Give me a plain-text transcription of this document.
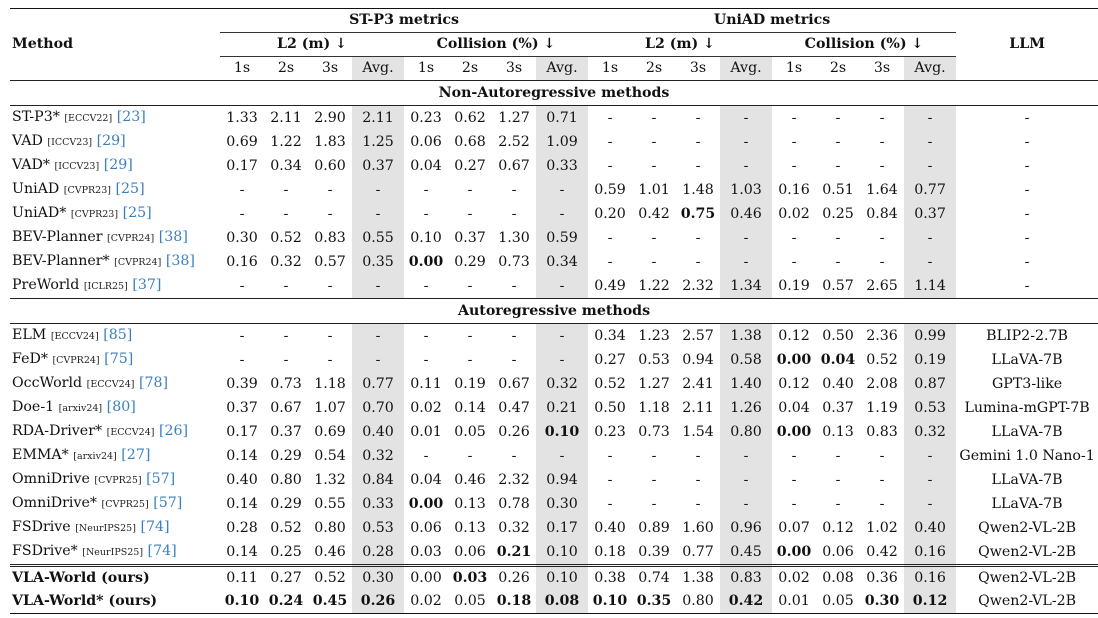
Method	ST-P3 metrics								UniAD metrics								LLM
	L2 (m) ↓				Collision (%) ↓				L2 (m) ↓				Collision (%) ↓				
	1s	2s	3s	Avg.	1s	2s	3s	Avg.	1s	2s	3s	Avg.	1s	2s	3s	Avg.	
Non-Autoregressive methods																	
ST-P3* [ECCV22] [23]	1.33	2.11	2.90	2.11	0.23	0.62	1.27	0.71	-	-	-	-	-	-	-	-	-
VAD [ICCV23] [29]	0.69	1.22	1.83	1.25	0.06	0.68	2.52	1.09	-	-	-	-	-	-	-	-	-
VAD* [ICCV23] [29]	0.17	0.34	0.60	0.37	0.04	0.27	0.67	0.33	-	-	-	-	-	-	-	-	-
UniAD [CVPR23] [25]	-	-	-	-	-	-	-	-	0.59	1.01	1.48	1.03	0.16	0.51	1.64	0.77	-
UniAD* [CVPR23] [25]	-	-	-	-	-	-	-	-	0.20	0.42	0.75	0.46	0.02	0.25	0.84	0.37	-
BEV-Planner [CVPR24] [38]	0.30	0.52	0.83	0.55	0.10	0.37	1.30	0.59	-	-	-	-	-	-	-	-	-
BEV-Planner* [CVPR24] [38]	0.16	0.32	0.57	0.35	0.00	0.29	0.73	0.34	-	-	-	-	-	-	-	-	-
PreWorld [ICLR25] [37]	-	-	-	-	-	-	-	-	0.49	1.22	2.32	1.34	0.19	0.57	2.65	1.14	-
Autoregressive methods																	
ELM [ECCV24] [85]	-	-	-	-	-	-	-	-	0.34	1.23	2.57	1.38	0.12	0.50	2.36	0.99	BLIP2-2.7B
FeD* [CVPR24] [75]	-	-	-	-	-	-	-	-	0.27	0.53	0.94	0.58	0.00	0.04	0.52	0.19	LLaVA-7B
OccWorld [ECCV24] [78]	0.39	0.73	1.18	0.77	0.11	0.19	0.67	0.32	0.52	1.27	2.41	1.40	0.12	0.40	2.08	0.87	GPT3-like
Doe-1 [arxiv24] [80]	0.37	0.67	1.07	0.70	0.02	0.14	0.47	0.21	0.50	1.18	2.11	1.26	0.04	0.37	1.19	0.53	Lumina-mGPT-7B
RDA-Driver* [ECCV24] [26]	0.17	0.37	0.69	0.40	0.01	0.05	0.26	0.10	0.23	0.73	1.54	0.80	0.00	0.13	0.83	0.32	LLaVA-7B
EMMA* [arxiv24] [27]	0.14	0.29	0.54	0.32	-	-	-	-	-	-	-	-	-	-	-	-	Gemini 1.0 Nano-1
OmniDrive [CVPR25] [57]	0.40	0.80	1.32	0.84	0.04	0.46	2.32	0.94	-	-	-	-	-	-	-	-	LLaVA-7B
OmniDrive* [CVPR25] [57]	0.14	0.29	0.55	0.33	0.00	0.13	0.78	0.30	-	-	-	-	-	-	-	-	LLaVA-7B
FSDrive [NeurIPS25] [74]	0.28	0.52	0.80	0.53	0.06	0.13	0.32	0.17	0.40	0.89	1.60	0.96	0.07	0.12	1.02	0.40	Qwen2-VL-2B
FSDrive* [NeurIPS25] [74]	0.14	0.25	0.46	0.28	0.03	0.06	0.21	0.10	0.18	0.39	0.77	0.45	0.00	0.06	0.42	0.16	Qwen2-VL-2B
VLA-World (ours)	0.11	0.27	0.52	0.30	0.00	0.03	0.26	0.10	0.38	0.74	1.38	0.83	0.02	0.08	0.36	0.16	Qwen2-VL-2B
VLA-World* (ours)	0.10	0.24	0.45	0.26	0.02	0.05	0.18	0.08	0.10	0.35	0.80	0.42	0.01	0.05	0.30	0.12	Qwen2-VL-2B
